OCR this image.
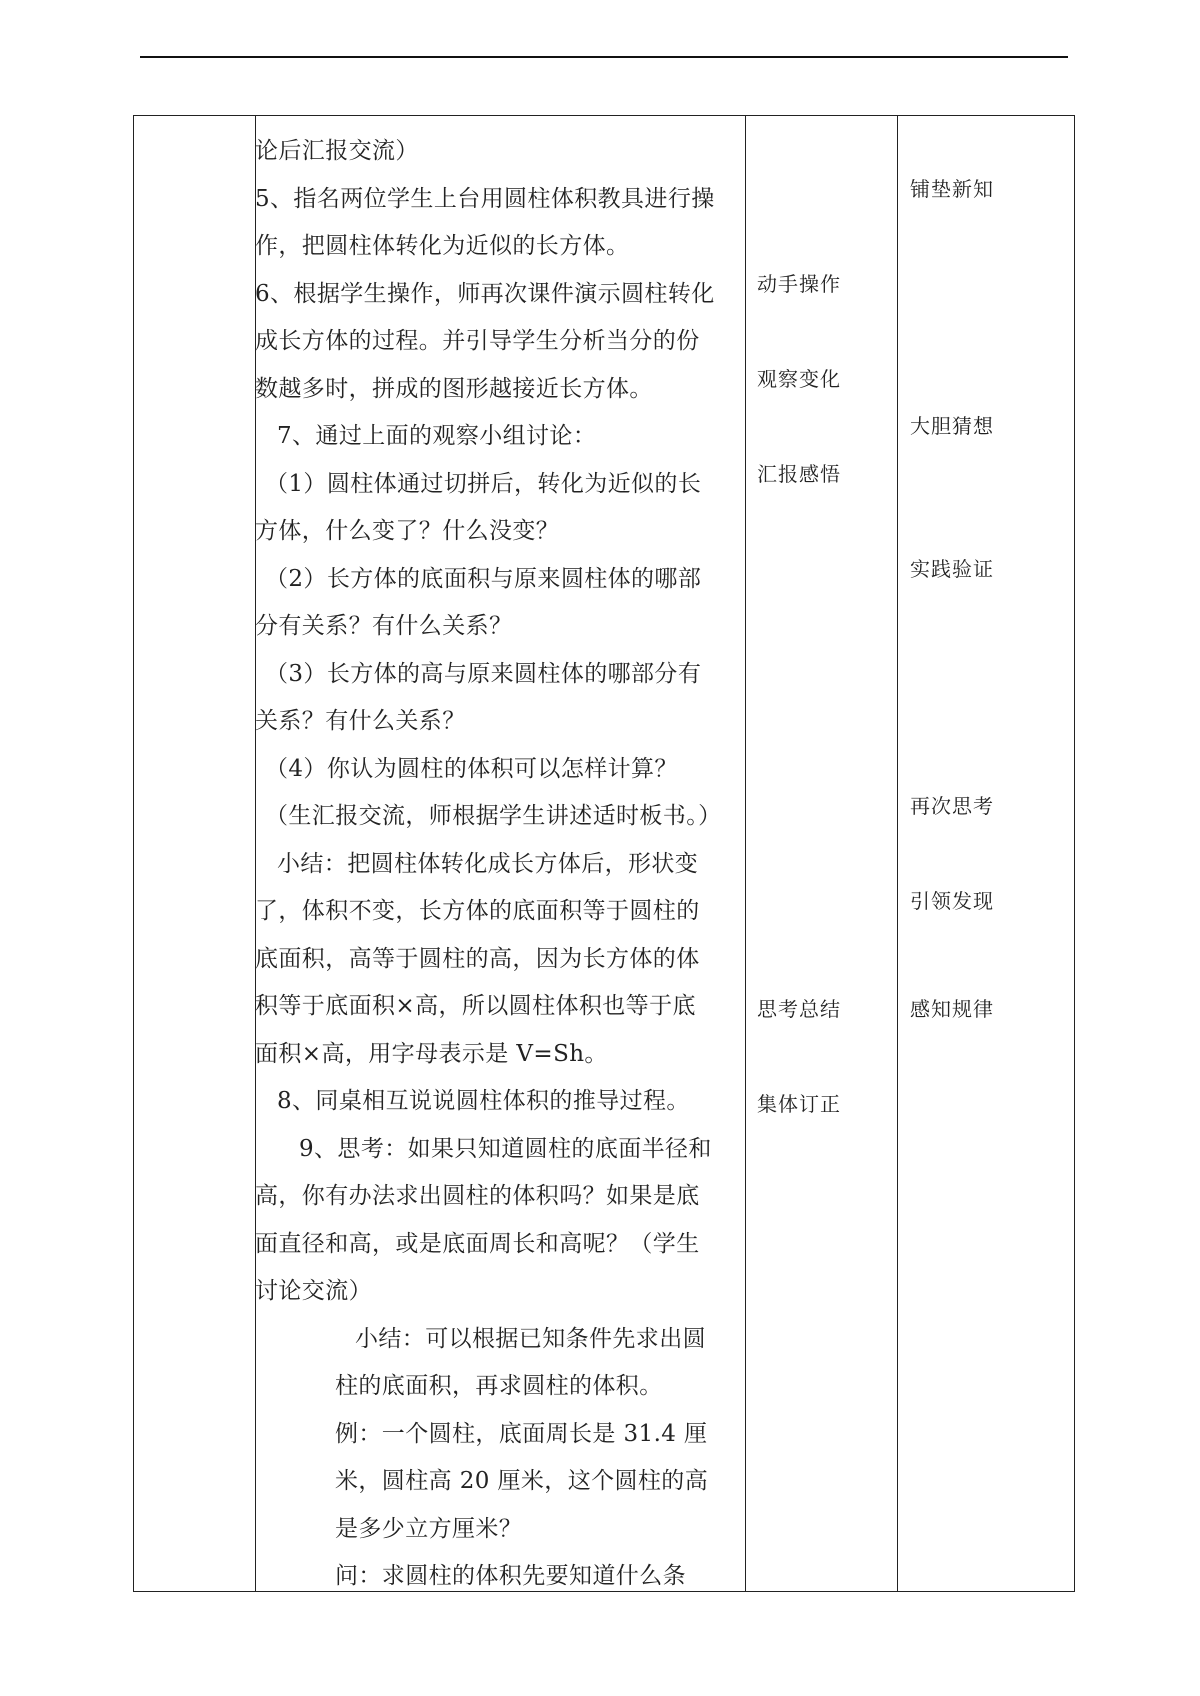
论后汇报交流）
5、指名两位学生上台用圆柱体积教具进行操
作，把圆柱体转化为近似的长方体。
6、根据学生操作，师再次课件演示圆柱转化
成长方体的过程。并引导学生分析当分的份
数越多时，拼成的图形越接近长方体。
7、通过上面的观察小组讨论：
（1）圆柱体通过切拼后，转化为近似的长
方体，什么变了？什么没变？
（2）长方体的底面积与原来圆柱体的哪部
分有关系？有什么关系？
（3）长方体的高与原来圆柱体的哪部分有
关系？有什么关系？
（4）你认为圆柱的体积可以怎样计算？
（生汇报交流，师根据学生讲述适时板书。）
小结：把圆柱体转化成长方体后，形状变
了，体积不变，长方体的底面积等于圆柱的
底面积，高等于圆柱的高，因为长方体的体
积等于底面积×高，所以圆柱体积也等于底
面积×高，用字母表示是 V=Sh。
8、同桌相互说说圆柱体积的推导过程。
9、思考：如果只知道圆柱的底面半径和
高，你有办法求出圆柱的体积吗？如果是底
面直径和高，或是底面周长和高呢？（学生
讨论交流）
小结：可以根据已知条件先求出圆
柱的底面积，再求圆柱的体积。
例：一个圆柱，底面周长是 31.4 厘
米，圆柱高 20 厘米，这个圆柱的高
是多少立方厘米？
问：求圆柱的体积先要知道什么条
动手操作
观察变化
汇报感悟
思考总结
集体订正
铺垫新知
大胆猜想
实践验证
再次思考
引领发现
感知规律
